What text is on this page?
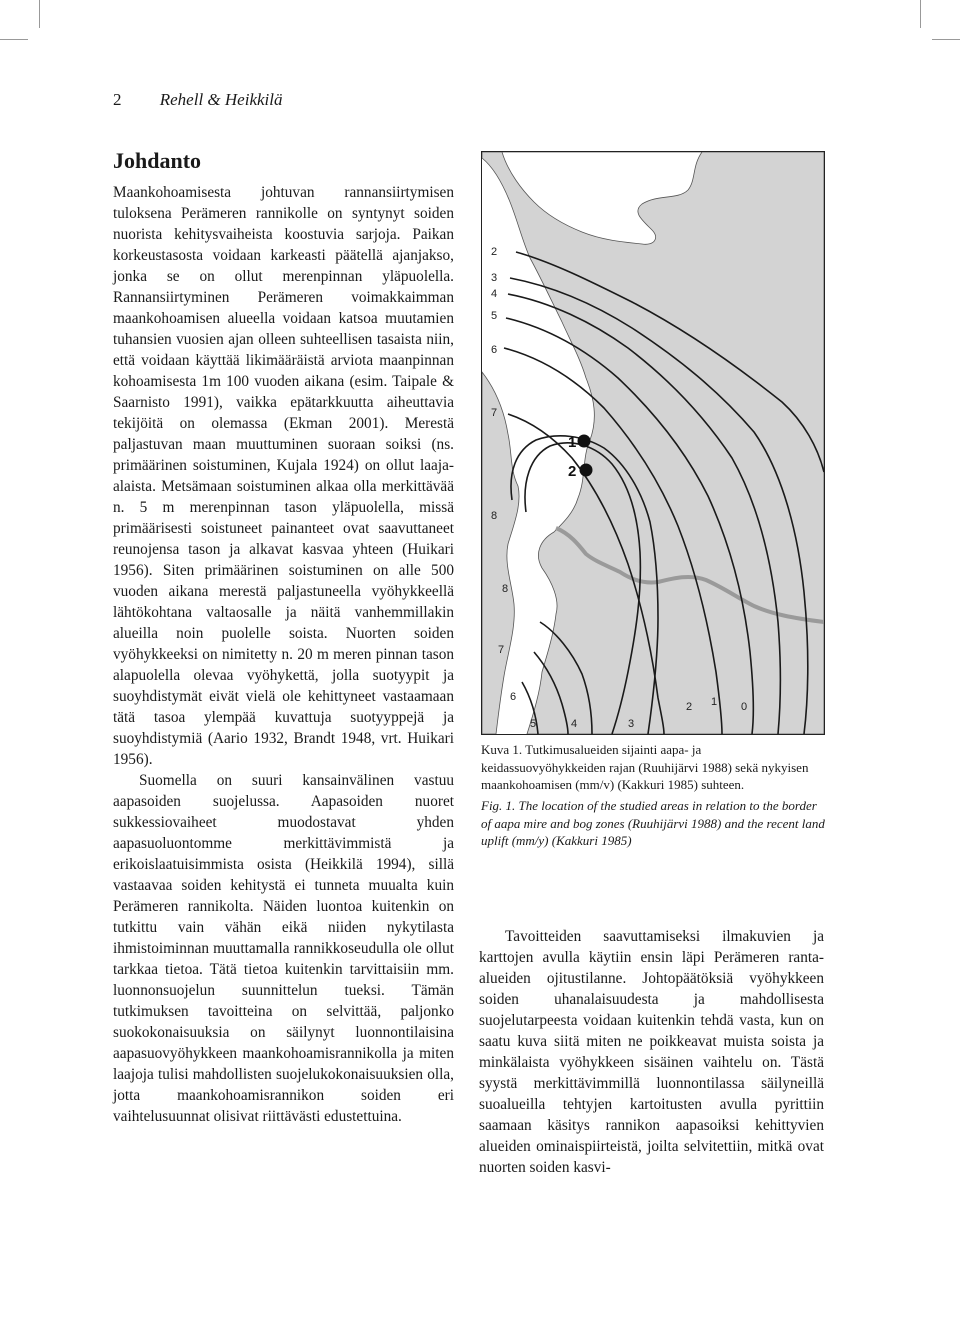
2 Rehell & Heikkilä
Johdanto

Maankohoamisesta johtuvan rannansiirtymisen tuloksena Perämeren rannikolle on syntynyt soiden nuorista kehitysvaiheista koostuvia sarjoja. Paikan korkeustasosta voidaan karkeasti päätellä ajanjakso, jonka se on ollut merenpinnan yläpuolella. Rannansiirtyminen Perämeren voimakkaimman maankohoamisen alueella voidaan katsoa muutamien tuhansien vuosien ajan olleen suhteellisen tasaista niin, että voidaan käyttää likimääräistä arviota maanpinnan kohoamisesta 1m 100 vuoden aikana (esim. Taipale & Saarnisto 1991), vaikka epätarkkuutta aiheuttavia tekijöitä on olemassa (Ekman 2001). Merestä paljastuvan maan muuttuminen suoraan soiksi (ns. primäärinen soistuminen, Kujala 1924) on ollut laaja-alaista. Metsämaan soistuminen alkaa olla merkittävää n. 5 m merenpinnan tason yläpuolella, missä primäärisesti soistuneet painanteet ovat saavuttaneet reunojensa tason ja alkavat kasvaa yhteen (Huikari 1956). Siten primäärinen soistuminen on alle 500 vuoden aikana merestä paljastuneella vyöhykkeellä lähtökohtana valtaosalle ja näitä vanhemmillakin alueilla noin puolelle soista. Nuorten soiden vyöhykkeeksi on nimitetty n. 20 m meren pinnan tason alapuolella olevaa vyöhykettä, jolla suotyypit ja suoyhdistymät eivät vielä ole kehittyneet vastaamaan tätä tasoa ylempää kuvattuja suotyyppejä ja suoyhdistymiä (Aario 1932, Brandt 1948, vrt. Huikari 1956).

Suomella on suuri kansainvälinen vastuu aapasoiden suojelussa. Aapasoiden nuoret sukkessiovaiheet muodostavat yhden aapasuoluontomme merkittävimmistä ja erikoislaatuisimmista osista (Heikkilä 1994), sillä vastaavaa soiden kehitystä ei tunneta muualta kuin Perämeren rannikolta. Näiden luontoa kuitenkin on tutkittu vain vähän eikä niiden nykytilasta ihmistoiminnan muuttamalla rannikkoseudulla ole ollut tarkkaa tietoa. Tätä tietoa kuitenkin tarvittaisiin mm. luonnonsuojelun suunnittelun tueksi. Tämän tutkimuksen tavoitteina on selvittää, paljonko suokokonaisuuksia on säilynyt luonnontilaisina aapasuovyöhykkeen maankohoamisrannikolla ja miten laajoja tulisi mahdollisten suojelukokonaisuuksien olla, jotta maankohoamisrannikon soiden eri vaihtelusuunnat olisivat riittävästi edustettuina.

1
2
2
3
4
5
6
7
8
8
7
6
5	4	3
2 1 0
Kuva 1. Tutkimusalueiden sijainti aapa- ja keidassuovyöhykkeiden rajan (Ruuhijärvi 1988) sekä nykyisen maankohoamisen (mm/v) (Kakkuri 1985) suhteen.
Fig. 1. The location of the studied areas in relation to the border of aapa mire and bog zones (Ruuhijärvi 1988) and the recent land uplift (mm/y) (Kakkuri 1985)

Tavoitteiden saavuttamiseksi ilmakuvien ja karttojen avulla käytiin ensin läpi Perämeren ranta-alueiden ojitustilanne. Johtopäätöksiä vyöhykkeen soiden uhanalaisuudesta ja mahdollisesta suojelutarpeesta voidaan kuitenkin tehdä vasta, kun on saatu kuva siitä miten ne poikkeavat muista soista ja minkälaista vyöhykkeen sisäinen vaihtelu on. Tästä syystä merkittävimmillä luonnontilassa säilyneillä suoalueilla tehtyjen kartoitusten avulla pyrittiin saamaan käsitys rannikon aapasoiksi kehittyvien alueiden ominaispiirteistä, joilta selvitettiin, mitkä ovat nuorten soiden kasvi-
